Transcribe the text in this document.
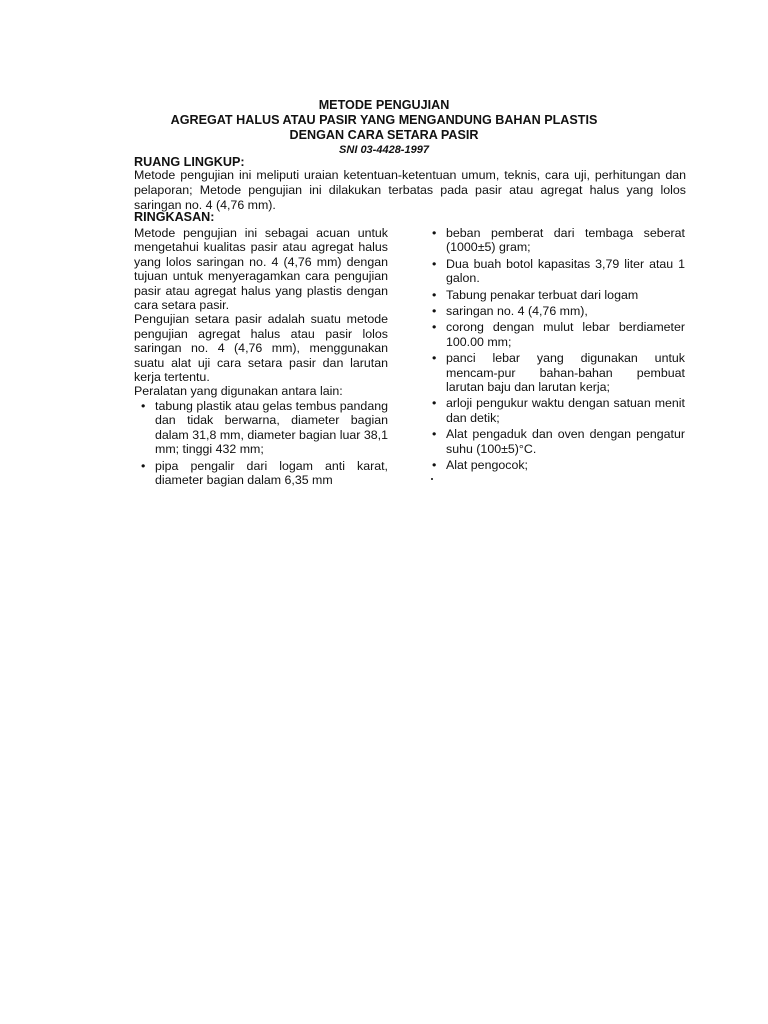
METODE PENGUJIAN
AGREGAT HALUS ATAU PASIR YANG MENGANDUNG BAHAN PLASTIS
DENGAN CARA SETARA PASIR
SNI 03-4428-1997
RUANG LINGKUP:
Metode pengujian ini meliputi uraian ketentuan-ketentuan umum, teknis, cara uji, perhitungan dan pelaporan; Metode pengujian ini dilakukan terbatas pada pasir atau agregat halus yang lolos saringan no. 4 (4,76 mm).
RINGKASAN:

Metode pengujian ini sebagai acuan untuk mengetahui kualitas pasir atau agregat halus yang lolos saringan no. 4 (4,76 mm) dengan tujuan untuk menyeragamkan cara pengujian pasir atau agregat halus yang plastis dengan cara setara pasir.

Pengujian setara pasir adalah suatu metode pengujian agregat halus atau pasir lolos saringan no. 4 (4,76 mm), menggunakan suatu alat uji cara setara pasir dan larutan kerja tertentu.

Peralatan yang digunakan antara lain:

• tabung plastik atau gelas tembus pandang dan tidak berwarna, diameter bagian dalam 31,8 mm, diameter bagian luar 38,1 mm; tinggi 432 mm;
• pipa pengalir dari logam anti karat, diameter bagian dalam 6,35 mm
• beban pemberat dari tembaga seberat (1000±5) gram;
• Dua buah botol kapasitas 3,79 liter atau 1 galon.
• Tabung penakar terbuat dari logam
• saringan no. 4 (4,76 mm),
• corong dengan mulut lebar berdiameter 100.00 mm;
• panci lebar yang digunakan untuk mencam-pur bahan-bahan pembuat larutan baju dan larutan kerja;
• arloji pengukur waktu dengan satuan menit dan detik;
• Alat pengaduk dan oven dengan pengatur suhu (100±5)°C.
• Alat pengocok;
